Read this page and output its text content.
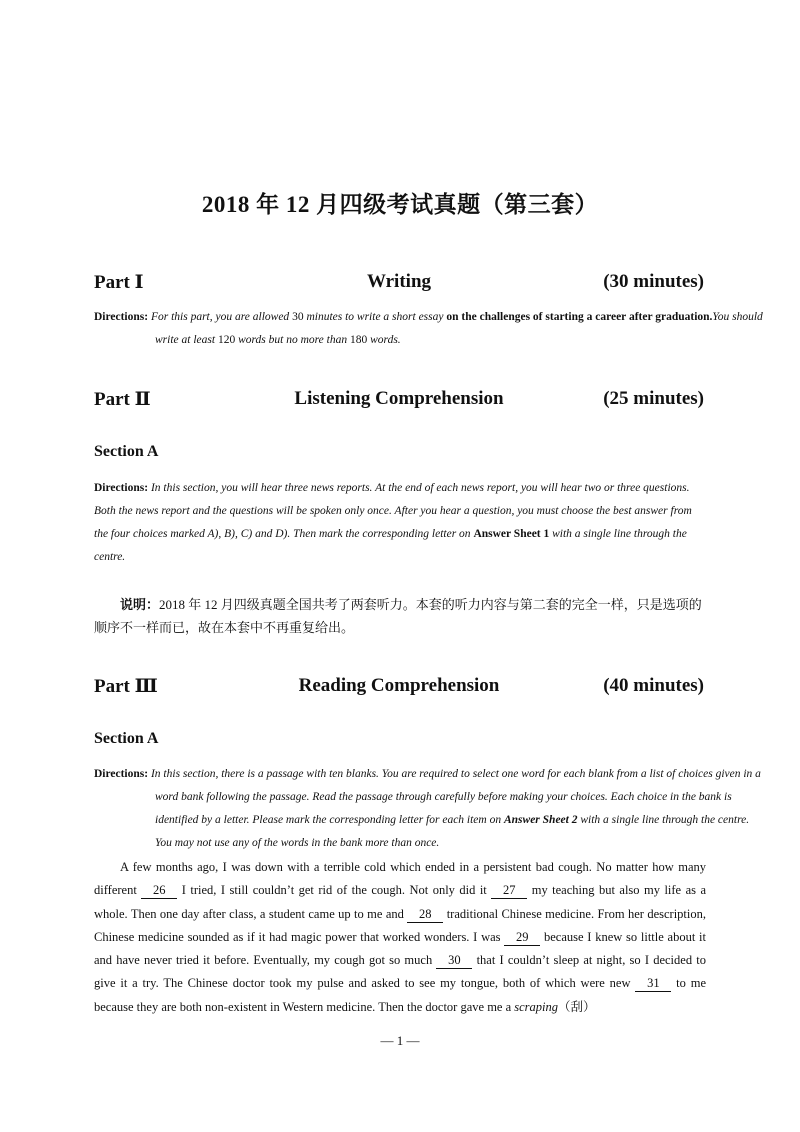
2018 年 12 月四级考试真题（第三套）
Part Ⅰ	Writing	(30 minutes)
Directions: For this part, you are allowed 30 minutes to write a short essay on the challenges of starting a career after graduation.You should write at least 120 words but no more than 180 words.
Part Ⅱ	Listening Comprehension	(25 minutes)
Section A
Directions: In this section, you will hear three news reports. At the end of each news report, you will hear two or three questions. Both the news report and the questions will be spoken only once. After you hear a question, you must choose the best answer from the four choices marked A), B), C) and D). Then mark the corresponding letter on Answer Sheet 1 with a single line through the centre.
说明：2018 年 12 月四级真题全国共考了两套听力。本套的听力内容与第二套的完全一样，只是选项的顺序不一样而已，故在本套中不再重复给出。
Part Ⅲ	Reading Comprehension	(40 minutes)
Section A
Directions: In this section, there is a passage with ten blanks. You are required to select one word for each blank from a list of choices given in a word bank following the passage. Read the passage through carefully before making your choices. Each choice in the bank is identified by a letter. Please mark the corresponding letter for each item on Answer Sheet 2 with a single line through the centre. You may not use any of the words in the bank more than once.
A few months ago, I was down with a terrible cold which ended in a persistent bad cough. No matter how many different 26 I tried, I still couldn’t get rid of the cough. Not only did it 27 my teaching but also my life as a whole. Then one day after class, a student came up to me and 28 traditional Chinese medicine. From her description, Chinese medicine sounded as if it had magic power that worked wonders. I was 29 because I knew so little about it and have never tried it before. Eventually, my cough got so much 30 that I couldn’t sleep at night, so I decided to give it a try. The Chinese doctor took my pulse and asked to see my tongue, both of which were new 31 to me because they are both non-existent in Western medicine. Then the doctor gave me a scraping（刮）
— 1 —
